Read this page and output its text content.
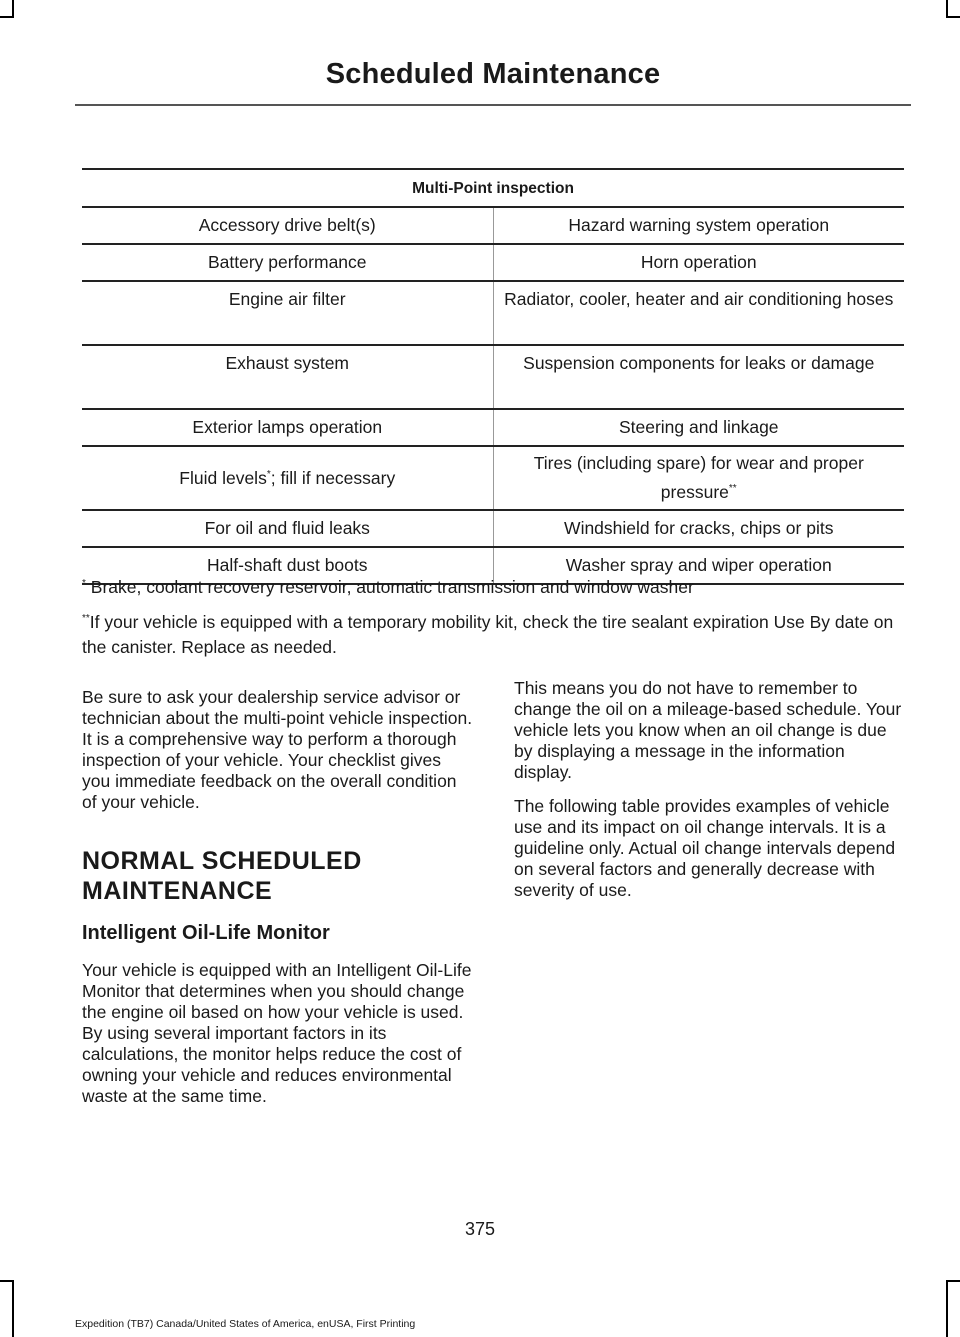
Scheduled Maintenance
Multi-Point inspection	
Accessory drive belt(s)	Hazard warning system operation
Battery performance	Horn operation
Engine air filter	Radiator, cooler, heater and air conditioning hoses
Exhaust system	Suspension components for leaks or damage
Exterior lamps operation	Steering and linkage
Fluid levels*; fill if necessary	Tires (including spare) for wear and proper pressure**
For oil and fluid leaks	Windshield for cracks, chips or pits
Half-shaft dust boots	Washer spray and wiper operation
* Brake, coolant recovery reservoir, automatic transmission and window washer
**If your vehicle is equipped with a temporary mobility kit, check the tire sealant expiration Use By date on the canister. Replace as needed.

Be sure to ask your dealership service advisor or technician about the multi-point vehicle inspection. It is a comprehensive way to perform a thorough inspection of your vehicle. Your checklist gives you immediate feedback on the overall condition of your vehicle.

NORMAL SCHEDULED
MAINTENANCE
Intelligent Oil-Life Monitor

Your vehicle is equipped with an Intelligent Oil-Life Monitor that determines when you should change the engine oil based on how your vehicle is used. By using several important factors in its calculations, the monitor helps reduce the cost of owning your vehicle and reduces environmental waste at the same time.

This means you do not have to remember to change the oil on a mileage-based schedule. Your vehicle lets you know when an oil change is due by displaying a message in the information display.

The following table provides examples of vehicle use and its impact on oil change intervals. It is a guideline only. Actual oil change intervals depend on several factors and generally decrease with severity of use.

375
Expedition (TB7) Canada/United States of America, enUSA, First Printing
